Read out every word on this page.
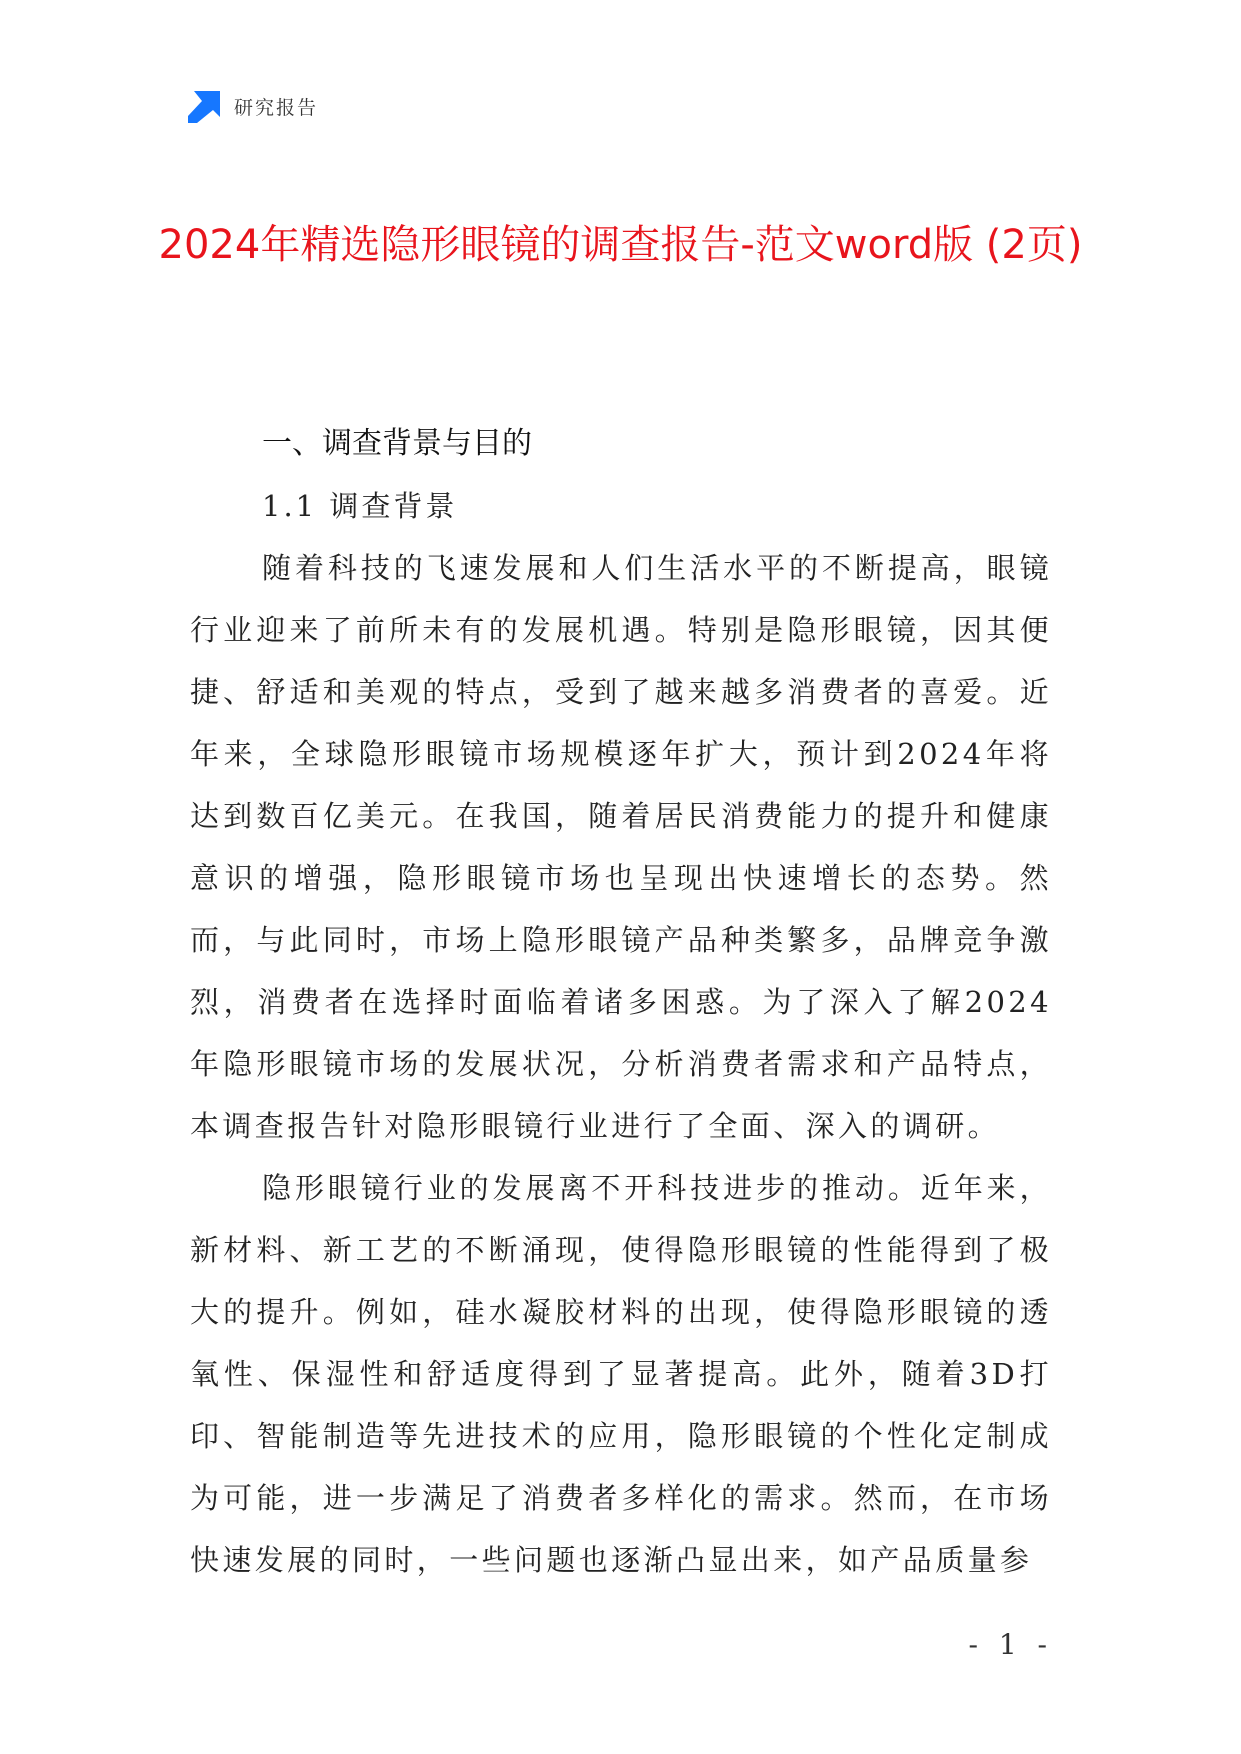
研究报告
2024年精选隐形眼镜的调查报告-范文word版 (2页)
一、调查背景与目的
1.1 调查背景

随着科技的飞速发展和人们生活水平的不断提高，眼镜行业迎来了前所未有的发展机遇。特别是隐形眼镜，因其便捷、舒适和美观的特点，受到了越来越多消费者的喜爱。近年来，全球隐形眼镜市场规模逐年扩大，预计到2024年将达到数百亿美元。在我国，随着居民消费能力的提升和健康意识的增强，隐形眼镜市场也呈现出快速增长的态势。然而，与此同时，市场上隐形眼镜产品种类繁多，品牌竞争激烈，消费者在选择时面临着诸多困惑。为了深入了解2024年隐形眼镜市场的发展状况，分析消费者需求和产品特点，本调查报告针对隐形眼镜行业进行了全面、深入的调研。

隐形眼镜行业的发展离不开科技进步的推动。近年来，新材料、新工艺的不断涌现，使得隐形眼镜的性能得到了极大的提升。例如，硅水凝胶材料的出现，使得隐形眼镜的透氧性、保湿性和舒适度得到了显著提高。此外，随着3D打印、智能制造等先进技术的应用，隐形眼镜的个性化定制成为可能，进一步满足了消费者多样化的需求。然而，在市场快速发展的同时，一些问题也逐渐凸显出来，如产品质量参

- 1 -
